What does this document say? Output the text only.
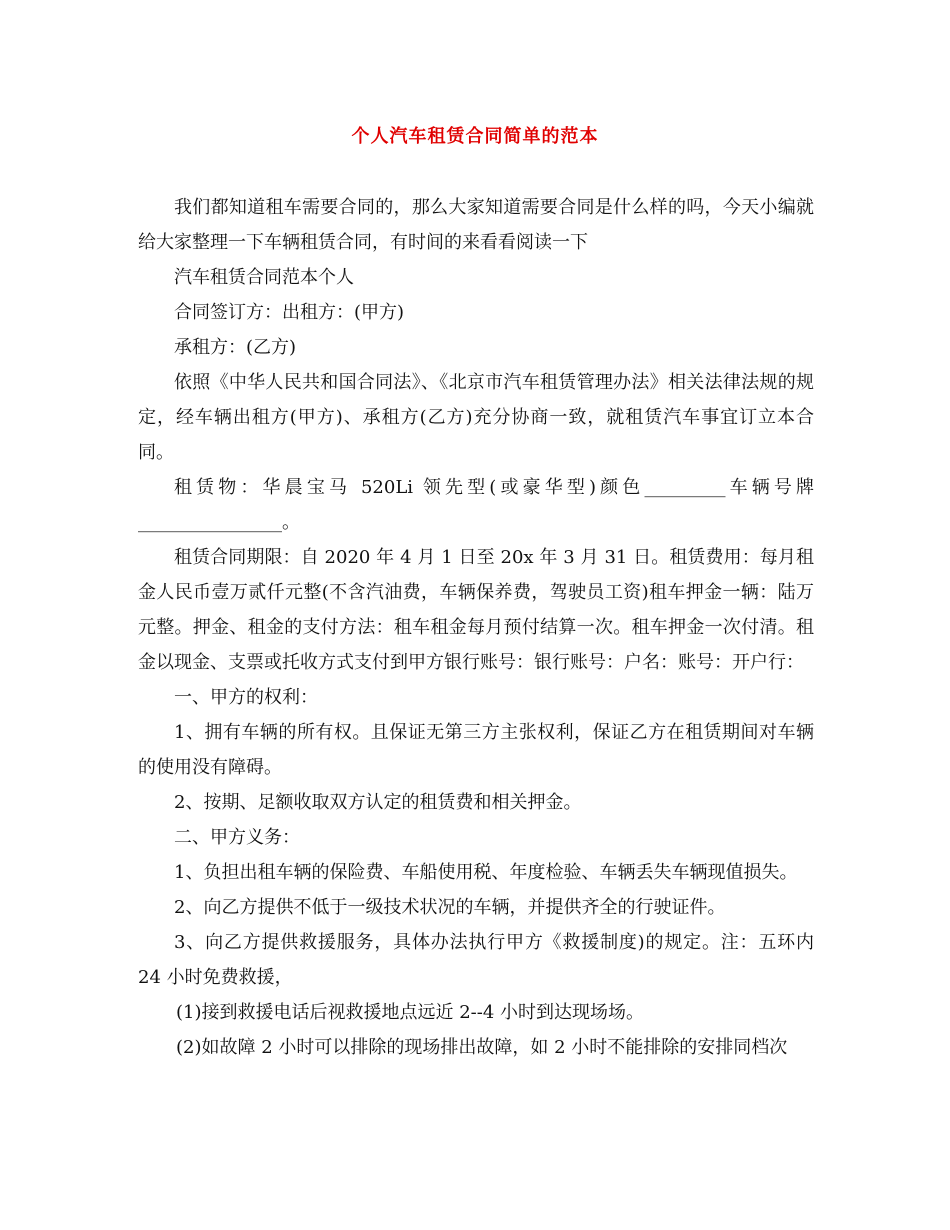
个人汽车租赁合同简单的范本

我们都知道租车需要合同的，那么大家知道需要合同是什么样的吗，今天小编就给大家整理一下车辆租赁合同，有时间的来看看阅读一下

汽车租赁合同范本个人

合同签订方：出租方：(甲方)

承租方：(乙方)

依照《中华人民共和国合同法》、《北京市汽车租赁管理办法》相关法律法规的规定，经车辆出租方(甲方)、承租方(乙方)充分协商一致，就租赁汽车事宜订立本合同。

租赁物：华晨宝马 520Li 领先型(或豪华型)颜色_________车辆号牌________________。

租赁合同期限：自 2020 年 4 月 1 日至 20x 年 3 月 31 日。租赁费用：每月租金人民币壹万贰仟元整(不含汽油费，车辆保养费，驾驶员工资)租车押金一辆：陆万元整。押金、租金的支付方法：租车租金每月预付结算一次。租车押金一次付清。租金以现金、支票或托收方式支付到甲方银行账号：银行账号：户名：账号：开户行：

一、甲方的权利：

1、拥有车辆的所有权。且保证无第三方主张权利，保证乙方在租赁期间对车辆的使用没有障碍。

2、按期、足额收取双方认定的租赁费和相关押金。

二、甲方义务：

1、负担出租车辆的保险费、车船使用税、年度检验、车辆丢失车辆现值损失。

2、向乙方提供不低于一级技术状况的车辆，并提供齐全的行驶证件。

3、向乙方提供救援服务，具体办法执行甲方《救援制度)的规定。注：五环内 24 小时免费救援，

(1)接到救援电话后视救援地点远近 2--4 小时到达现场场。

(2)如故障 2 小时可以排除的现场排出故障，如 2 小时不能排除的安排同档次
